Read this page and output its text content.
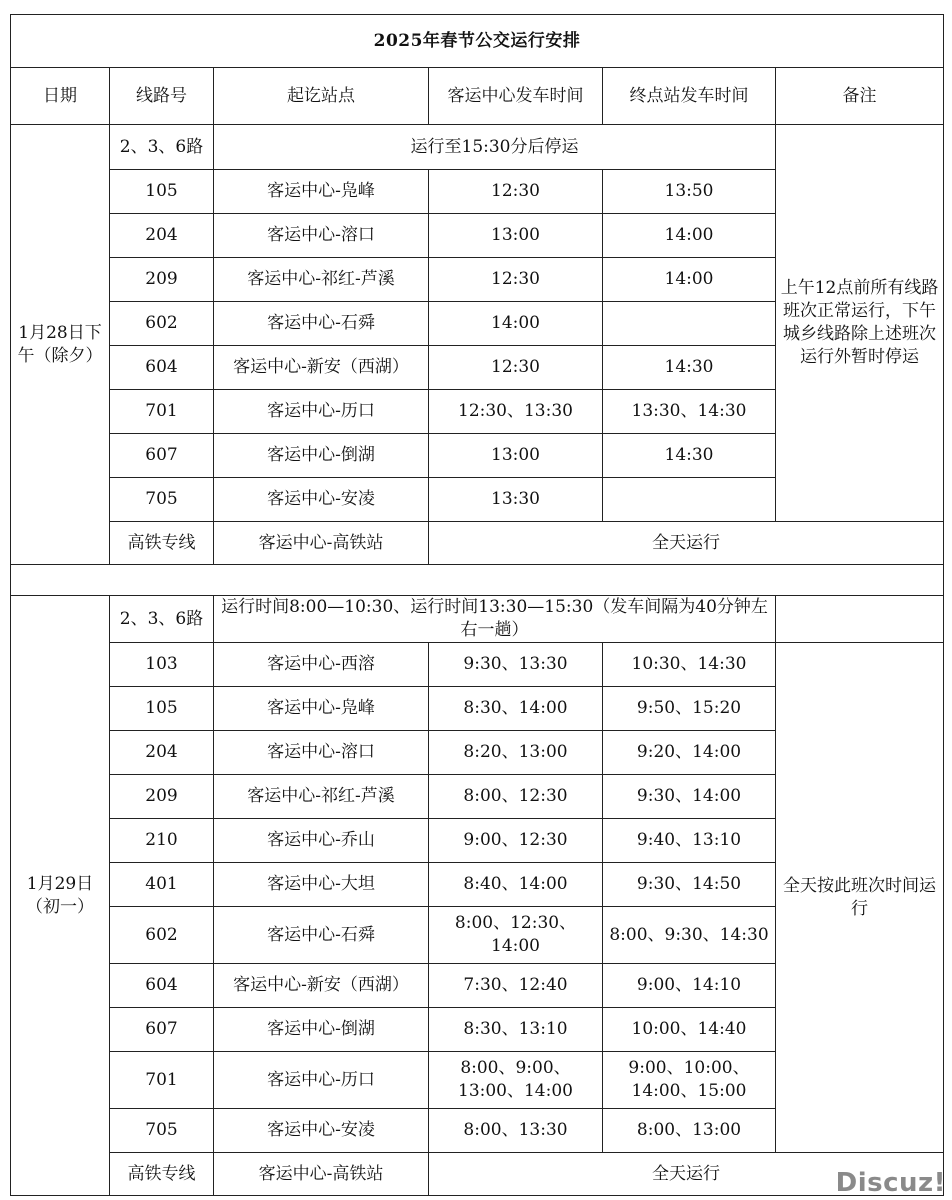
2025年春节公交运行安排					
日期	线路号	起讫站点	客运中心发车时间	终点站发车时间	备注
1月28日下午（除夕）	2、3、6路	运行至15:30分后停运			上午12点前所有线路班次正常运行，下午城乡线路除上述班次运行外暂时停运
	105	客运中心-凫峰	12:30	13:50	
	204	客运中心-溶口	13:00	14:00	
	209	客运中心-祁红-芦溪	12:30	14:00	
	602	客运中心-石舜	14:00		
	604	客运中心-新安（西湖）	12:30	14:30	
	701	客运中心-历口	12:30、13:30	13:30、14:30	
	607	客运中心-倒湖	13:00	14:30	
	705	客运中心-安凌	13:30		
	高铁专线	客运中心-高铁站	全天运行		

1月29日（初一）	2、3、6路	运行时间8:00—10:30、运行时间13:30—15:30（发车间隔为40分钟左右一趟）			
	103	客运中心-西溶	9:30、13:30	10:30、14:30	全天按此班次时间运行
	105	客运中心-凫峰	8:30、14:00	9:50、15:20	
	204	客运中心-溶口	8:20、13:00	9:20、14:00	
	209	客运中心-祁红-芦溪	8:00、12:30	9:30、14:00	
	210	客运中心-乔山	9:00、12:30	9:40、13:10	
	401	客运中心-大坦	8:40、14:00	9:30、14:50	
	602	客运中心-石舜	8:00、12:30、14:00	8:00、9:30、14:30	
	604	客运中心-新安（西湖）	7:30、12:40	9:00、14:10	
	607	客运中心-倒湖	8:30、13:10	10:00、14:40	
	701	客运中心-历口	8:00、9:00、13:00、14:00	9:00、10:00、14:00、15:00	
	705	客运中心-安凌	8:00、13:30	8:00、13:00	
	高铁专线	客运中心-高铁站	全天运行			Discuz!
